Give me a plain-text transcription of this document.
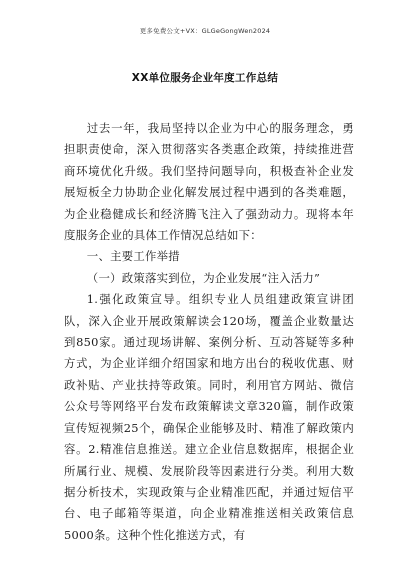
更多免费公文+VX：GLGeGongWen2024
XX单位服务企业年度工作总结

过去一年，我局坚持以企业为中心的服务理念，勇担职责使命，深入贯彻落实各类惠企政策，持续推进营商环境优化升级。我们坚持问题导向，积极查补企业发展短板全力协助企业化解发展过程中遇到的各类难题，为企业稳健成长和经济腾飞注入了强劲动力。现将本年度服务企业的具体工作情况总结如下：

一、主要工作举措

（一）政策落实到位，为企业发展“注入活力”

1.强化政策宣导。组织专业人员组建政策宣讲团队，深入企业开展政策解读会120场，覆盖企业数量达到850家。通过现场讲解、案例分析、互动答疑等多种方式，为企业详细介绍国家和地方出台的税收优惠、财政补贴、产业扶持等政策。同时，利用官方网站、微信公众号等网络平台发布政策解读文章320篇，制作政策宣传短视频25个，确保企业能够及时、精准了解政策内容。2.精准信息推送。建立企业信息数据库，根据企业所属行业、规模、发展阶段等因素进行分类。利用大数据分析技术，实现政策与企业精准匹配，并通过短信平台、电子邮箱等渠道，向企业精准推送相关政策信息5000条。这种个性化推送方式，有
